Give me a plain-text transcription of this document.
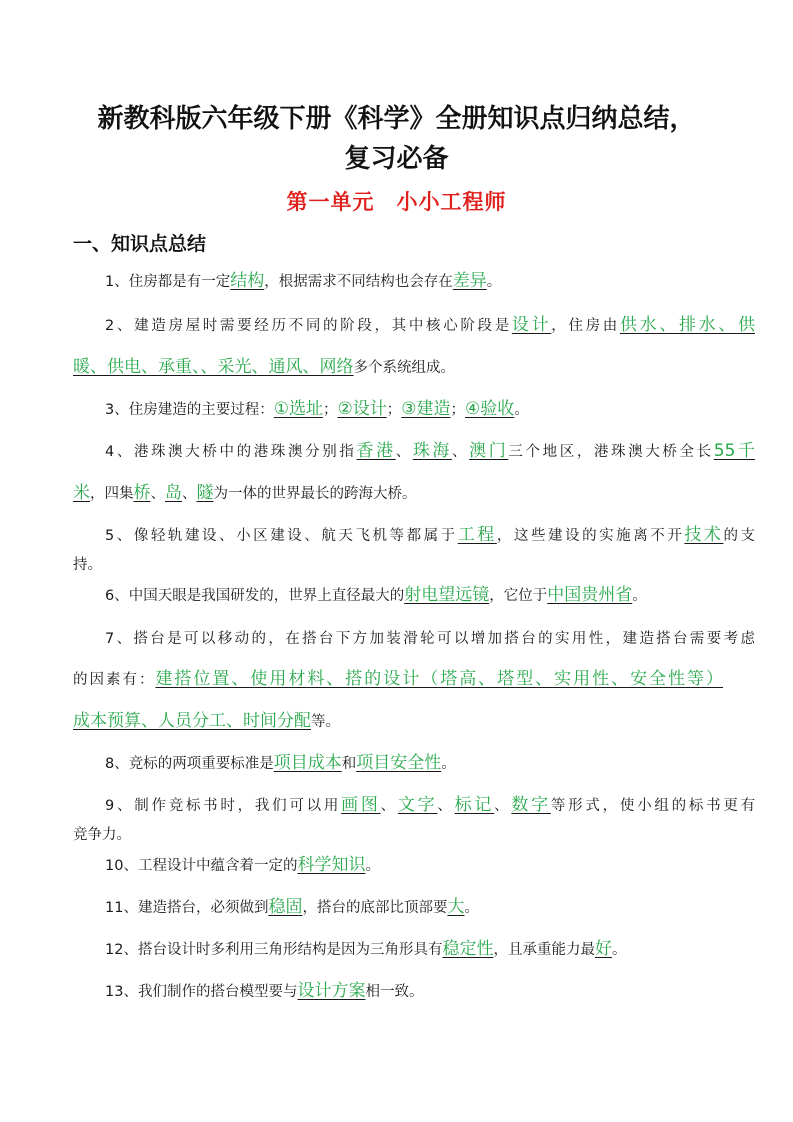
新教科版六年级下册《科学》全册知识点归纳总结，
复习必备
第一单元　小小工程师
一、知识点总结
1、住房都是有一定结构，根据需求不同结构也会存在差异。
2、建造房屋时需要经历不同的阶段，其中核心阶段是设计，住房由供水、排水、供
暖、供电、承重、、采光、通风、网络多个系统组成。
3、住房建造的主要过程：①选址；②设计；③建造；④验收。
4、港珠澳大桥中的港珠澳分别指香港、珠海、澳门三个地区，港珠澳大桥全长55千
米，四集桥、岛、隧为一体的世界最长的跨海大桥。
5、像轻轨建设、小区建设、航天飞机等都属于工程，这些建设的实施离不开技术的支
持。
6、中国天眼是我国研发的，世界上直径最大的射电望远镜，它位于中国贵州省。
7、搭台是可以移动的，在搭台下方加装滑轮可以增加搭台的实用性，建造搭台需要考虑
的因素有：建搭位置、使用材料、搭的设计（塔高、塔型、实用性、安全性等）
成本预算、人员分工、时间分配等。
8、竞标的两项重要标准是项目成本和项目安全性。
9、制作竞标书时，我们可以用画图、文字、标记、数字等形式，使小组的标书更有
竞争力。
10、工程设计中蕴含着一定的科学知识。
11、建造搭台，必须做到稳固，搭台的底部比顶部要大。
12、搭台设计时多利用三角形结构是因为三角形具有稳定性，且承重能力最好。
13、我们制作的搭台模型要与设计方案相一致。
